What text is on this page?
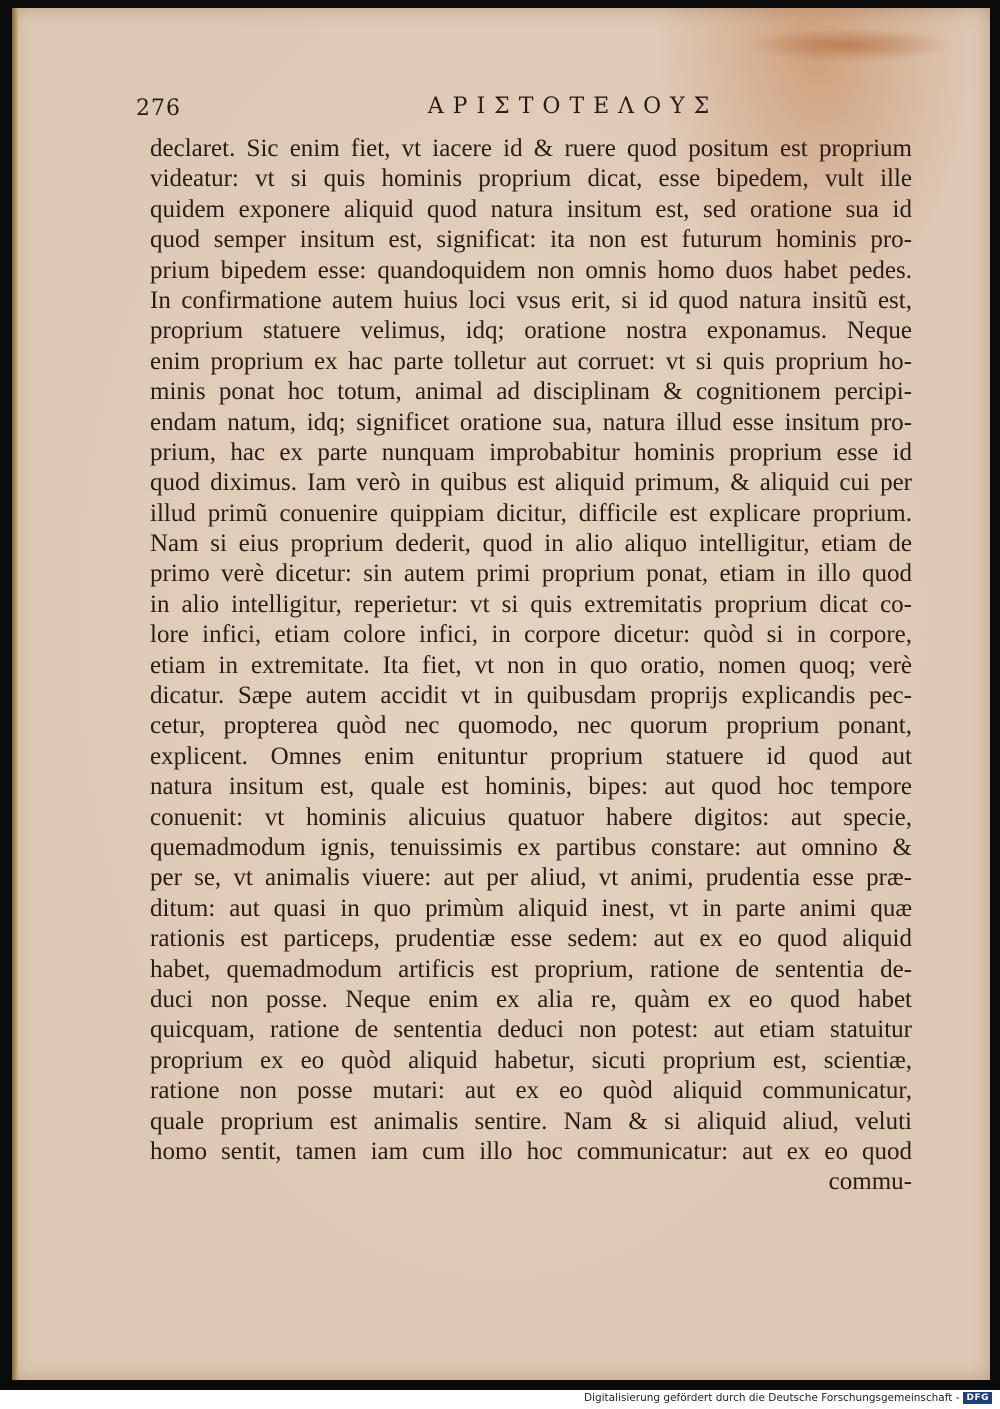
276	ΑΡΙΣΤΟΤΕΛΟΥΣ
declaret. Sic enim fiet, vt iacere id & ruere quod positum est proprium
videatur: vt si quis hominis proprium dicat, esse bipedem, vult ille
quidem exponere aliquid quod natura insitum est, sed oratione sua id
quod semper insitum est, significat: ita non est futurum hominis pro-
prium bipedem esse: quandoquidem non omnis homo duos habet pedes.
In confirmatione autem huius loci vsus erit, si id quod natura insitũ est,
proprium statuere velimus, idq; oratione nostra exponamus. Neque
enim proprium ex hac parte tolletur aut corruet: vt si quis proprium ho-
minis ponat hoc totum, animal ad disciplinam & cognitionem percipi-
endam natum, idq; significet oratione sua, natura illud esse insitum pro-
prium, hac ex parte nunquam improbabitur hominis proprium esse id
quod diximus. Iam verò in quibus est aliquid primum, & aliquid cui per
illud primũ conuenire quippiam dicitur, difficile est explicare proprium.
Nam si eius proprium dederit, quod in alio aliquo intelligitur, etiam de
primo verè dicetur: sin autem primi proprium ponat, etiam in illo quod
in alio intelligitur, reperietur: vt si quis extremitatis proprium dicat co-
lore infici, etiam colore infici, in corpore dicetur: quòd si in corpore,
etiam in extremitate. Ita fiet, vt non in quo oratio, nomen quoq; verè
dicatur. Sæpe autem accidit vt in quibusdam proprijs explicandis pec-
cetur, propterea quòd nec quomodo, nec quorum proprium ponant,
explicent. Omnes enim enituntur proprium statuere id quod aut
natura insitum est, quale est hominis, bipes: aut quod hoc tempore
conuenit: vt hominis alicuius quatuor habere digitos: aut specie,
quemadmodum ignis, tenuissimis ex partibus constare: aut omnino &
per se, vt animalis viuere: aut per aliud, vt animi, prudentia esse præ-
ditum: aut quasi in quo primùm aliquid inest, vt in parte animi quæ
rationis est particeps, prudentiæ esse sedem: aut ex eo quod aliquid
habet, quemadmodum artificis est proprium, ratione de sententia de-
duci non posse. Neque enim ex alia re, quàm ex eo quod habet
quicquam, ratione de sententia deduci non potest: aut etiam statuitur
proprium ex eo quòd aliquid habetur, sicuti proprium est, scientiæ,
ratione non posse mutari: aut ex eo quòd aliquid communicatur,
quale proprium est animalis sentire. Nam & si aliquid aliud, veluti
homo sentit, tamen iam cum illo hoc communicatur: aut ex eo quod
commu-
Digitalisierung gefördert durch die Deutsche Forschungsgemeinschaft - DFG
